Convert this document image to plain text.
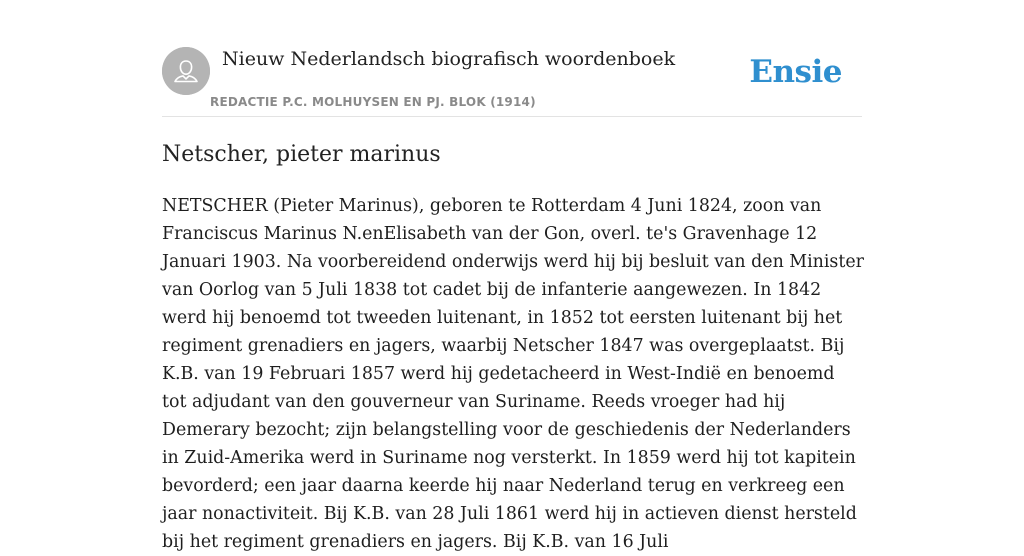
Nieuw Nederlandsch biografisch woordenboek
REDACTIE P.C. MOLHUYSEN EN PJ. BLOK (1914)
Ensie
Netscher, pieter marinus

NETSCHER (Pieter Marinus), geboren te Rotterdam 4 Juni 1824, zoon van Franciscus Marinus N.enElisabeth van der Gon, overl. te's Gravenhage 12 Januari 1903. Na voorbereidend onderwijs werd hij bij besluit van den Minister van Oorlog van 5 Juli 1838 tot cadet bij de infanterie aangewezen. In 1842 werd hij benoemd tot tweeden luitenant, in 1852 tot eersten luitenant bij het regiment grenadiers en jagers, waarbij Netscher 1847 was overgeplaatst. Bij K.B. van 19 Februari 1857 werd hij gedetacheerd in West-Indië en benoemd tot adjudant van den gouverneur van Suriname. Reeds vroeger had hij Demerary bezocht; zijn belangstelling voor de geschiedenis der Nederlanders in Zuid-Amerika werd in Suriname nog versterkt. In 1859 werd hij tot kapitein bevorderd; een jaar daarna keerde hij naar Nederland terug en verkreeg een jaar nonactiviteit. Bij K.B. van 28 Juli 1861 werd hij in actieven dienst hersteld bij het regiment grenadiers en jagers. Bij K.B. van 16 Juli
